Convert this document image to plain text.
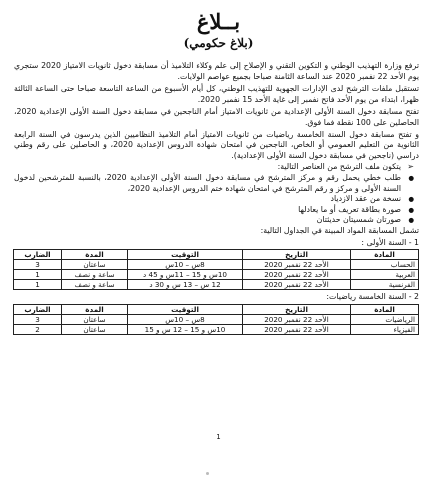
بــلاغ
(بلاغ حكومي)

ترفع وزارة التهذيب الوطني و التكوين التقني و الإصلاح إلى علم وكلاء التلاميذ أن مسابقة دخول ثانويات الامتياز 2020 ستجري يوم الأحد 22 نفمبر 2020 عند الساعة الثامنة صباحا بجميع عواصم الولايات.

تستقبل ملفات الترشح لدى الإدارات الجهوية للتهذيب الوطني، كل أيام الأسبوع من الساعة التاسعة صباحا حتى الساعة الثالثة ظهرا، ابتداء من يوم الأحد فاتح نفمبر إلى غاية الأحد 15 نفمبر 2020.

تفتح مسابقة دخول السنة الأولى الإعدادية من ثانويات الامتياز أمام الناجحين في مسابقة دخول السنة الأولى الإعدادية 2020، الحاصلين على 100 نقطة فما فوق.

و تفتح مسابقة دخول السنة الخامسة رياضيات من ثانويات الامتياز أمام التلاميذ النظاميين الذين يدرسون في السنة الرابعة الثانوية من التعليم العمومي أو الخاص، الناجحين في امتحان شهادة الدروس الإعدادية 2020، و الحاصلين على رقم وطني دراسي (ناجحين في مسابقة دخول السنة الأولى الإعدادية).

➢ يتكون ملف الترشح من العناصر التالية:
● طلب خطي يحمل رقم و مركز المترشح في مسابقة دخول السنة الأولى الإعدادية 2020، بالنسبة للمترشحين لدخول السنة الأولى و مركز و رقم المترشح في امتحان شهادة ختم الدروس الإعدادية 2020،
● نسخة من عقد الازدياد
● صورة بطاقة تعريف أو ما يعادلها
● صورتان شمسيتان حديثتان

تشمل المسابقة المواد المبينة في الجداول التالية:

1 - السنة الأولى :

المادة	التاريخ	التوقيت	المدة	الضارب
الحساب	الأحد 22 نفمبر 2020	8س – 10س	ساعتان	3
العربية	الأحد 22 نفمبر 2020	10س و 15 – 11س و 45 د	ساعة و نصف	1
الفرنسية	الأحد 22 نفمبر 2020	12 س – 13 س و 30 د	ساعة و نصف	1

2 - السنة الخامسة رياضيات:

المادة	التاريخ	التوقيت	المدة	الضارب
الرياضيات	الأحد 22 نفمبر 2020	8س – 10س	ساعتان	3
الفيزياء	الأحد 22 نفمبر 2020	10س و 15 – 12 س و 15	ساعتان	2
1
